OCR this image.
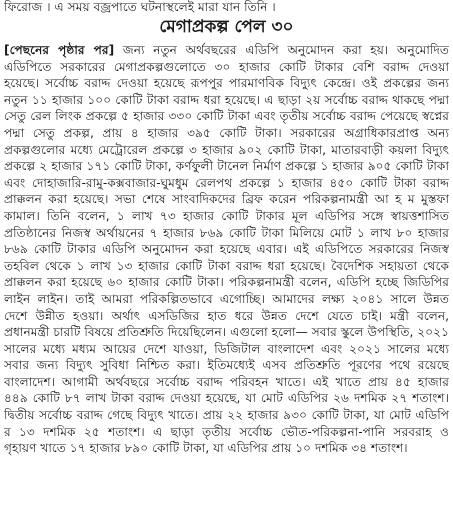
ফিরোজ । এ সময় বজ্রপাতে ঘটনাস্থলেই মারা যান তিনি ।
মেগাপ্রকল্প পেল ৩০
[পেছনের পৃষ্ঠার পর] জন্য নতুন অর্থবছরের এডিপি অনুমোদন করা হয়। অনুমোদিত
এডিপিতে সরকারের মেগাপ্রকল্পগুলোতে ৩০ হাজার কোটি টাকার বেশি বরাদ্দ দেওয়া
হয়েছে। সর্বোচ্চ বরাদ্দ দেওয়া হয়েছে রূপপুর পারমাণবিক বিদ্যুৎ কেন্দ্রে। ওই প্রকল্পের জন্য
নতুন ১১ হাজার ১০০ কোটি টাকা বরাদ্দ ধরা হয়েছে। এ ছাড়া ২য় সর্বোচ্চ বরাদ্দ থাকছে পদ্মা
সেতু রেল লিংক প্রকল্পে ৫ হাজার ৩৩০ কোটি টাকা এবং তৃতীয় সর্বোচ্চ বরাদ্দ পেয়েছে স্বপ্নের
পদ্মা সেতু প্রকল্প, প্রায় ৪ হাজার ৩৯৫ কোটি টাকা। সরকারের অগ্রাধিকারপ্রাপ্ত অন্য
প্রকল্পগুলোর মধ্যে মেট্রোরেল প্রকল্পে ৩ হাজার ৯০২ কোটি টাকা, মাতারবাড়ী কয়লা বিদ্যুৎ
প্রকল্পে ২ হাজার ১৭১ কোটি টাকা, কর্ণফুলী টানেল নির্মাণ প্রকল্পে ১ হাজার ৯০৫ কোটি টাকা
এবং দোহাজারি-রামু-কক্সবাজার-ঘুমধুম রেলপথ প্রকল্পে ১ হাজার ৪৫০ কোটি টাকা বরাদ্দ
প্রাক্কলন করা হয়েছে। সভা শেষে সাংবাদিকদের ব্রিফ করেন পরিকল্পনামন্ত্রী আ হ ম মুস্তফা
কামাল। তিনি বলেন, ১ লাখ ৭৩ হাজার কোটি টাকার মূল এডিপির সঙ্গে স্বায়ত্তশাসিত
প্রতিষ্ঠানের নিজস্ব অর্থায়নের ৭ হাজার ৮৬৯ কোটি টাকা মিলিয়ে মোট ১ লাখ ৮০ হাজার
৮৬৯ কোটি টাকার এডিপি অনুমোদন করা হয়েছে এবার। এই এডিপিতে সরকারের নিজস্ব
তহবিল থেকে ১ লাখ ১৩ হাজার কোটি টাকা বরাদ্দ ধরা হয়েছে। বৈদেশিক সহায়তা থেকে
প্রাক্কলন করা হয়েছে ৬০ হাজার কোটি টাকা। পরিকল্পনামন্ত্রী বলেন, এডিপি হচ্ছে জিডিপির
লাইন লাইন। তাই আমরা পরিকল্পিতভাবে এগোচ্ছি। আমাদের লক্ষ্য ২০৪১ সালে উন্নত
দেশে উন্নীত হওয়া। অর্থাৎ এসডিজির হাত ধরে উন্নত দেশে যেতে চাই। মন্ত্রী বলেন,
প্রধানমন্ত্রী চারটি বিষয়ে প্রতিশ্রুতি দিয়েছিলেন। এগুলো হলো— সবার স্কুলে উপস্থিতি, ২০২১
সালের মধ্যে মধ্যম আয়ের দেশে যাওয়া, ডিজিটাল বাংলাদেশ এবং ২০২১ সালের মধ্যে
সবার জন্য বিদ্যুৎ সুবিধা নিশ্চিত করা। ইতিমধ্যেই এসব প্রতিশ্রুতি পূরণের পথে রয়েছে
বাংলাদেশ। আগামী অর্থবছরে সর্বোচ্চ বরাদ্দ পরিবহন খাতে। এই খাতে প্রায় ৪৫ হাজার
৪৪৯ কোটি ৮৭ লাখ টাকা বরাদ্দ দেওয়া হয়েছে, যা মোট এডিপির ২৬ দশমিক ২৭ শতাংশ।
দ্বিতীয় সর্বোচ্চ বরাদ্দ গেছে বিদ্যুৎ খাতে। প্রায় ২২ হাজার ৯৩০ কোটি টাকা, যা মোট এডিপি
র ১৩ দশমিক ২৫ শতাংশ। এ ছাড়া তৃতীয় সর্বোচ্চ ভৌত-পরিকল্পনা-পানি সরবরাহ ও
গৃহায়ণ খাতে ১৭ হাজার ৮৯০ কোটি টাকা, যা এডিপির প্রায় ১০ দশমিক ৩৪ শতাংশ।
